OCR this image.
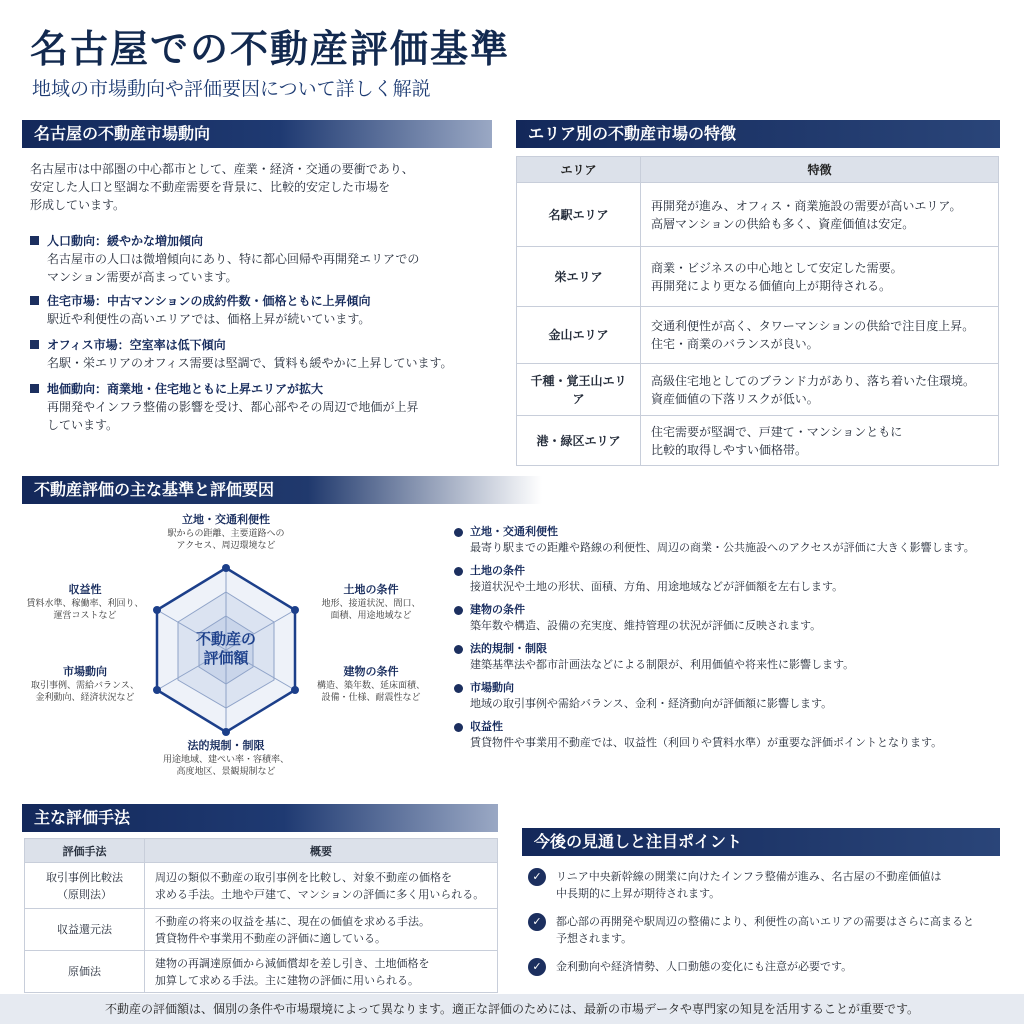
名古屋での不動産評価基準
地域の市場動向や評価要因について詳しく解説
名古屋の不動産市場動向

名古屋市は中部圏の中心都市として、産業・経済・交通の要衝であり、

安定した人口と堅調な不動産需要を背景に、比較的安定した市場を

形成しています。

人口動向：緩やかな増加傾向
名古屋市の人口は微増傾向にあり、特に都心回帰や再開発エリアでの
マンション需要が高まっています。
住宅市場：中古マンションの成約件数・価格ともに上昇傾向
駅近や利便性の高いエリアでは、価格上昇が続いています。
オフィス市場：空室率は低下傾向
名駅・栄エリアのオフィス需要は堅調で、賃料も緩やかに上昇しています。
地価動向：商業地・住宅地ともに上昇エリアが拡大
再開発やインフラ整備の影響を受け、都心部やその周辺で地価が上昇
しています。
エリア別の不動産市場の特徴
エリア	特徴
名駅エリア	再開発が進み、オフィス・商業施設の需要が高いエリア。
高層マンションの供給も多く、資産価値は安定。
栄エリア	商業・ビジネスの中心地として安定した需要。
再開発により更なる価値向上が期待される。
金山エリア	交通利便性が高く、タワーマンションの供給で注目度上昇。
住宅・商業のバランスが良い。
千種・覚王山エリア	高級住宅地としてのブランド力があり、落ち着いた住環境。
資産価値の下落リスクが低い。
港・緑区エリア	住宅需要が堅調で、戸建て・マンションともに
比較的取得しやすい価格帯。
不動産評価の主な基準と評価要因
不動産の
評価額
立地・交通利便性
駅からの距離、主要道路への
アクセス、周辺環境など
土地の条件
地形、接道状況、間口、
面積、用途地域など
建物の条件
構造、築年数、延床面積、
設備・仕様、耐震性など
法的規制・制限
用途地域、建ぺい率・容積率、
高度地区、景観規制など
市場動向
取引事例、需給バランス、
金利動向、経済状況など
収益性
賃料水準、稼働率、利回り、
運営コストなど
立地・交通利便性
最寄り駅までの距離や路線の利便性、周辺の商業・公共施設へのアクセスが評価に大きく影響します。
土地の条件
接道状況や土地の形状、面積、方角、用途地域などが評価額を左右します。
建物の条件
築年数や構造、設備の充実度、維持管理の状況が評価に反映されます。
法的規制・制限
建築基準法や都市計画法などによる制限が、利用価値や将来性に影響します。
市場動向
地域の取引事例や需給バランス、金利・経済動向が評価額に影響します。
収益性
賃貸物件や事業用不動産では、収益性（利回りや賃料水準）が重要な評価ポイントとなります。
主な評価手法
評価手法	概要
取引事例比較法
（原則法）	周辺の類似不動産の取引事例を比較し、対象不動産の価格を
求める手法。土地や戸建て、マンションの評価に多く用いられる。
収益還元法	不動産の将来の収益を基に、現在の価値を求める手法。
賃貸物件や事業用不動産の評価に適している。
原価法	建物の再調達原価から減価償却を差し引き、土地価格を
加算して求める手法。主に建物の評価に用いられる。
今後の見通しと注目ポイント
✓	リニア中央新幹線の開業に向けたインフラ整備が進み、名古屋の不動産価値は
中長期的に上昇が期待されます。
✓	都心部の再開発や駅周辺の整備により、利便性の高いエリアの需要はさらに高まると
予想されます。
✓	金利動向や経済情勢、人口動態の変化にも注意が必要です。
不動産の評価額は、個別の条件や市場環境によって異なります。適正な評価のためには、最新の市場データや専門家の知見を活用することが重要です。
